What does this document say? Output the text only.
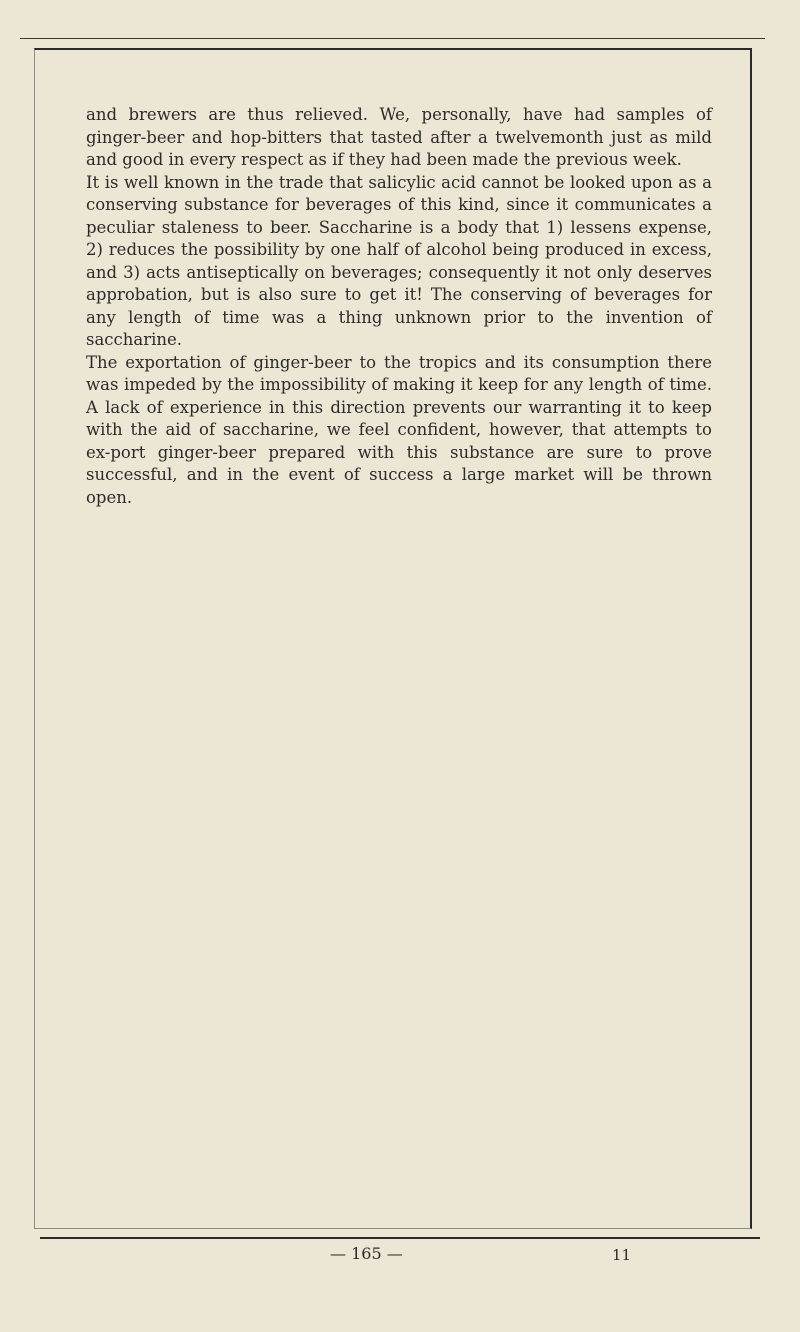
and brewers are thus relieved. We, personally, have had samples of ginger-beer and hop-bitters that tasted after a twelvemonth just as mild and good in every respect as if they had been made the previous week.

It is well known in the trade that salicylic acid cannot be looked upon as a conserving substance for beverages of this kind, since it communicates a peculiar staleness to beer. Saccharine is a body that 1) lessens expense, 2) reduces the possibility by one half of alcohol being produced in excess, and 3) acts antiseptically on beverages; consequently it not only deserves approbation, but is also sure to get it! The conserving of beverages for any length of time was a thing unknown prior to the invention of saccharine.

The exportation of ginger-beer to the tropics and its consumption there was impeded by the impossibility of making it keep for any length of time. A lack of experience in this direction prevents our warranting it to keep with the aid of saccharine, we feel confident, however, that attempts to ex-port ginger-beer prepared with this substance are sure to prove successful, and in the event of success a large market will be thrown open.

— 165 —	11
